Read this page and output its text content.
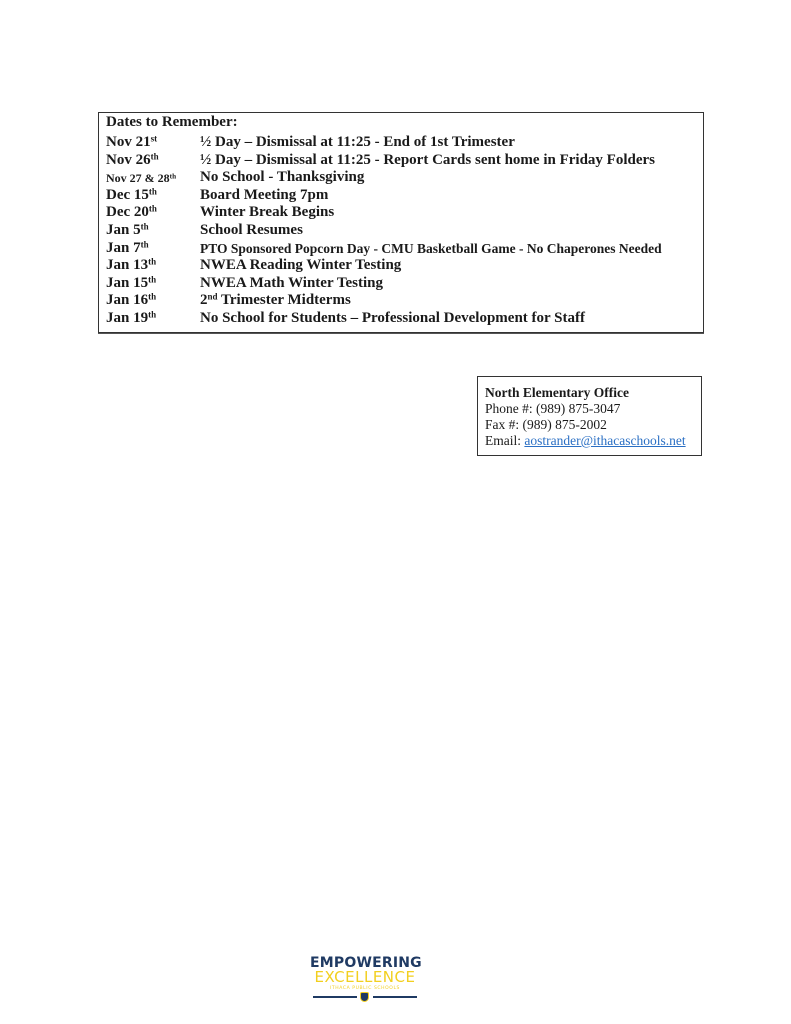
Dates to Remember:
Nov 21st	½ Day – Dismissal at 11:25 - End of 1st Trimester
Nov 26th	½ Day – Dismissal at 11:25 - Report Cards sent home in Friday Folders
Nov 27 & 28th	No School - Thanksgiving
Dec 15th	Board Meeting 7pm
Dec 20th	Winter Break Begins
Jan 5th	School Resumes
Jan 7th	PTO Sponsored Popcorn Day - CMU Basketball Game - No Chaperones Needed
Jan 13th	NWEA Reading Winter Testing
Jan 15th	NWEA Math Winter Testing
Jan 16th	2nd Trimester Midterms
Jan 19th	No School for Students – Professional Development for Staff
North Elementary Office
Phone #: (989) 875-3047
Fax #: (989) 875-2002
Email: aostrander@ithacaschools.net
EMPOWERING
EXCELLENCE
ITHACA PUBLIC SCHOOLS
